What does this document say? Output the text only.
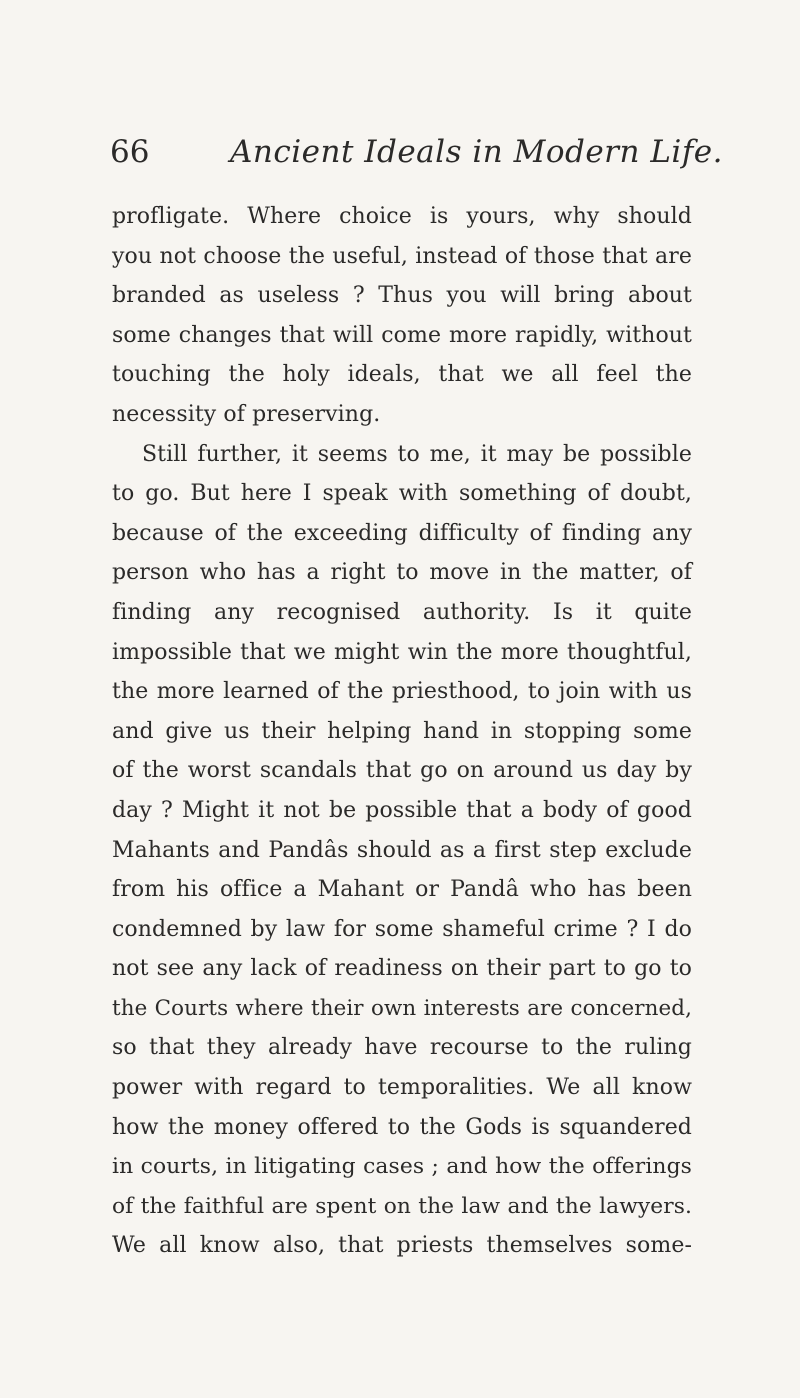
66	Ancient Ideals in Modern Life.
profligate. Where choice is yours, why should
you not choose the useful, instead of those that are
branded as useless ? Thus you will bring about
some changes that will come more rapidly, without
touching the holy ideals, that we all feel the
necessity of preserving.
Still further, it seems to me, it may be possible
to go. But here I speak with something of doubt,
because of the exceeding difficulty of finding any
person who has a right to move in the matter, of
finding any recognised authority. Is it quite
impossible that we might win the more thoughtful,
the more learned of the priesthood, to join with us
and give us their helping hand in stopping some
of the worst scandals that go on around us day by
day ? Might it not be possible that a body of good
Mahants and Pandâs should as a first step exclude
from his office a Mahant or Pandâ who has been
condemned by law for some shameful crime ? I do
not see any lack of readiness on their part to go to
the Courts where their own interests are concerned,
so that they already have recourse to the ruling
power with regard to temporalities. We all know
how the money offered to the Gods is squandered
in courts, in litigating cases ; and how the offerings
of the faithful are spent on the law and the lawyers.
We all know also, that priests themselves some-
